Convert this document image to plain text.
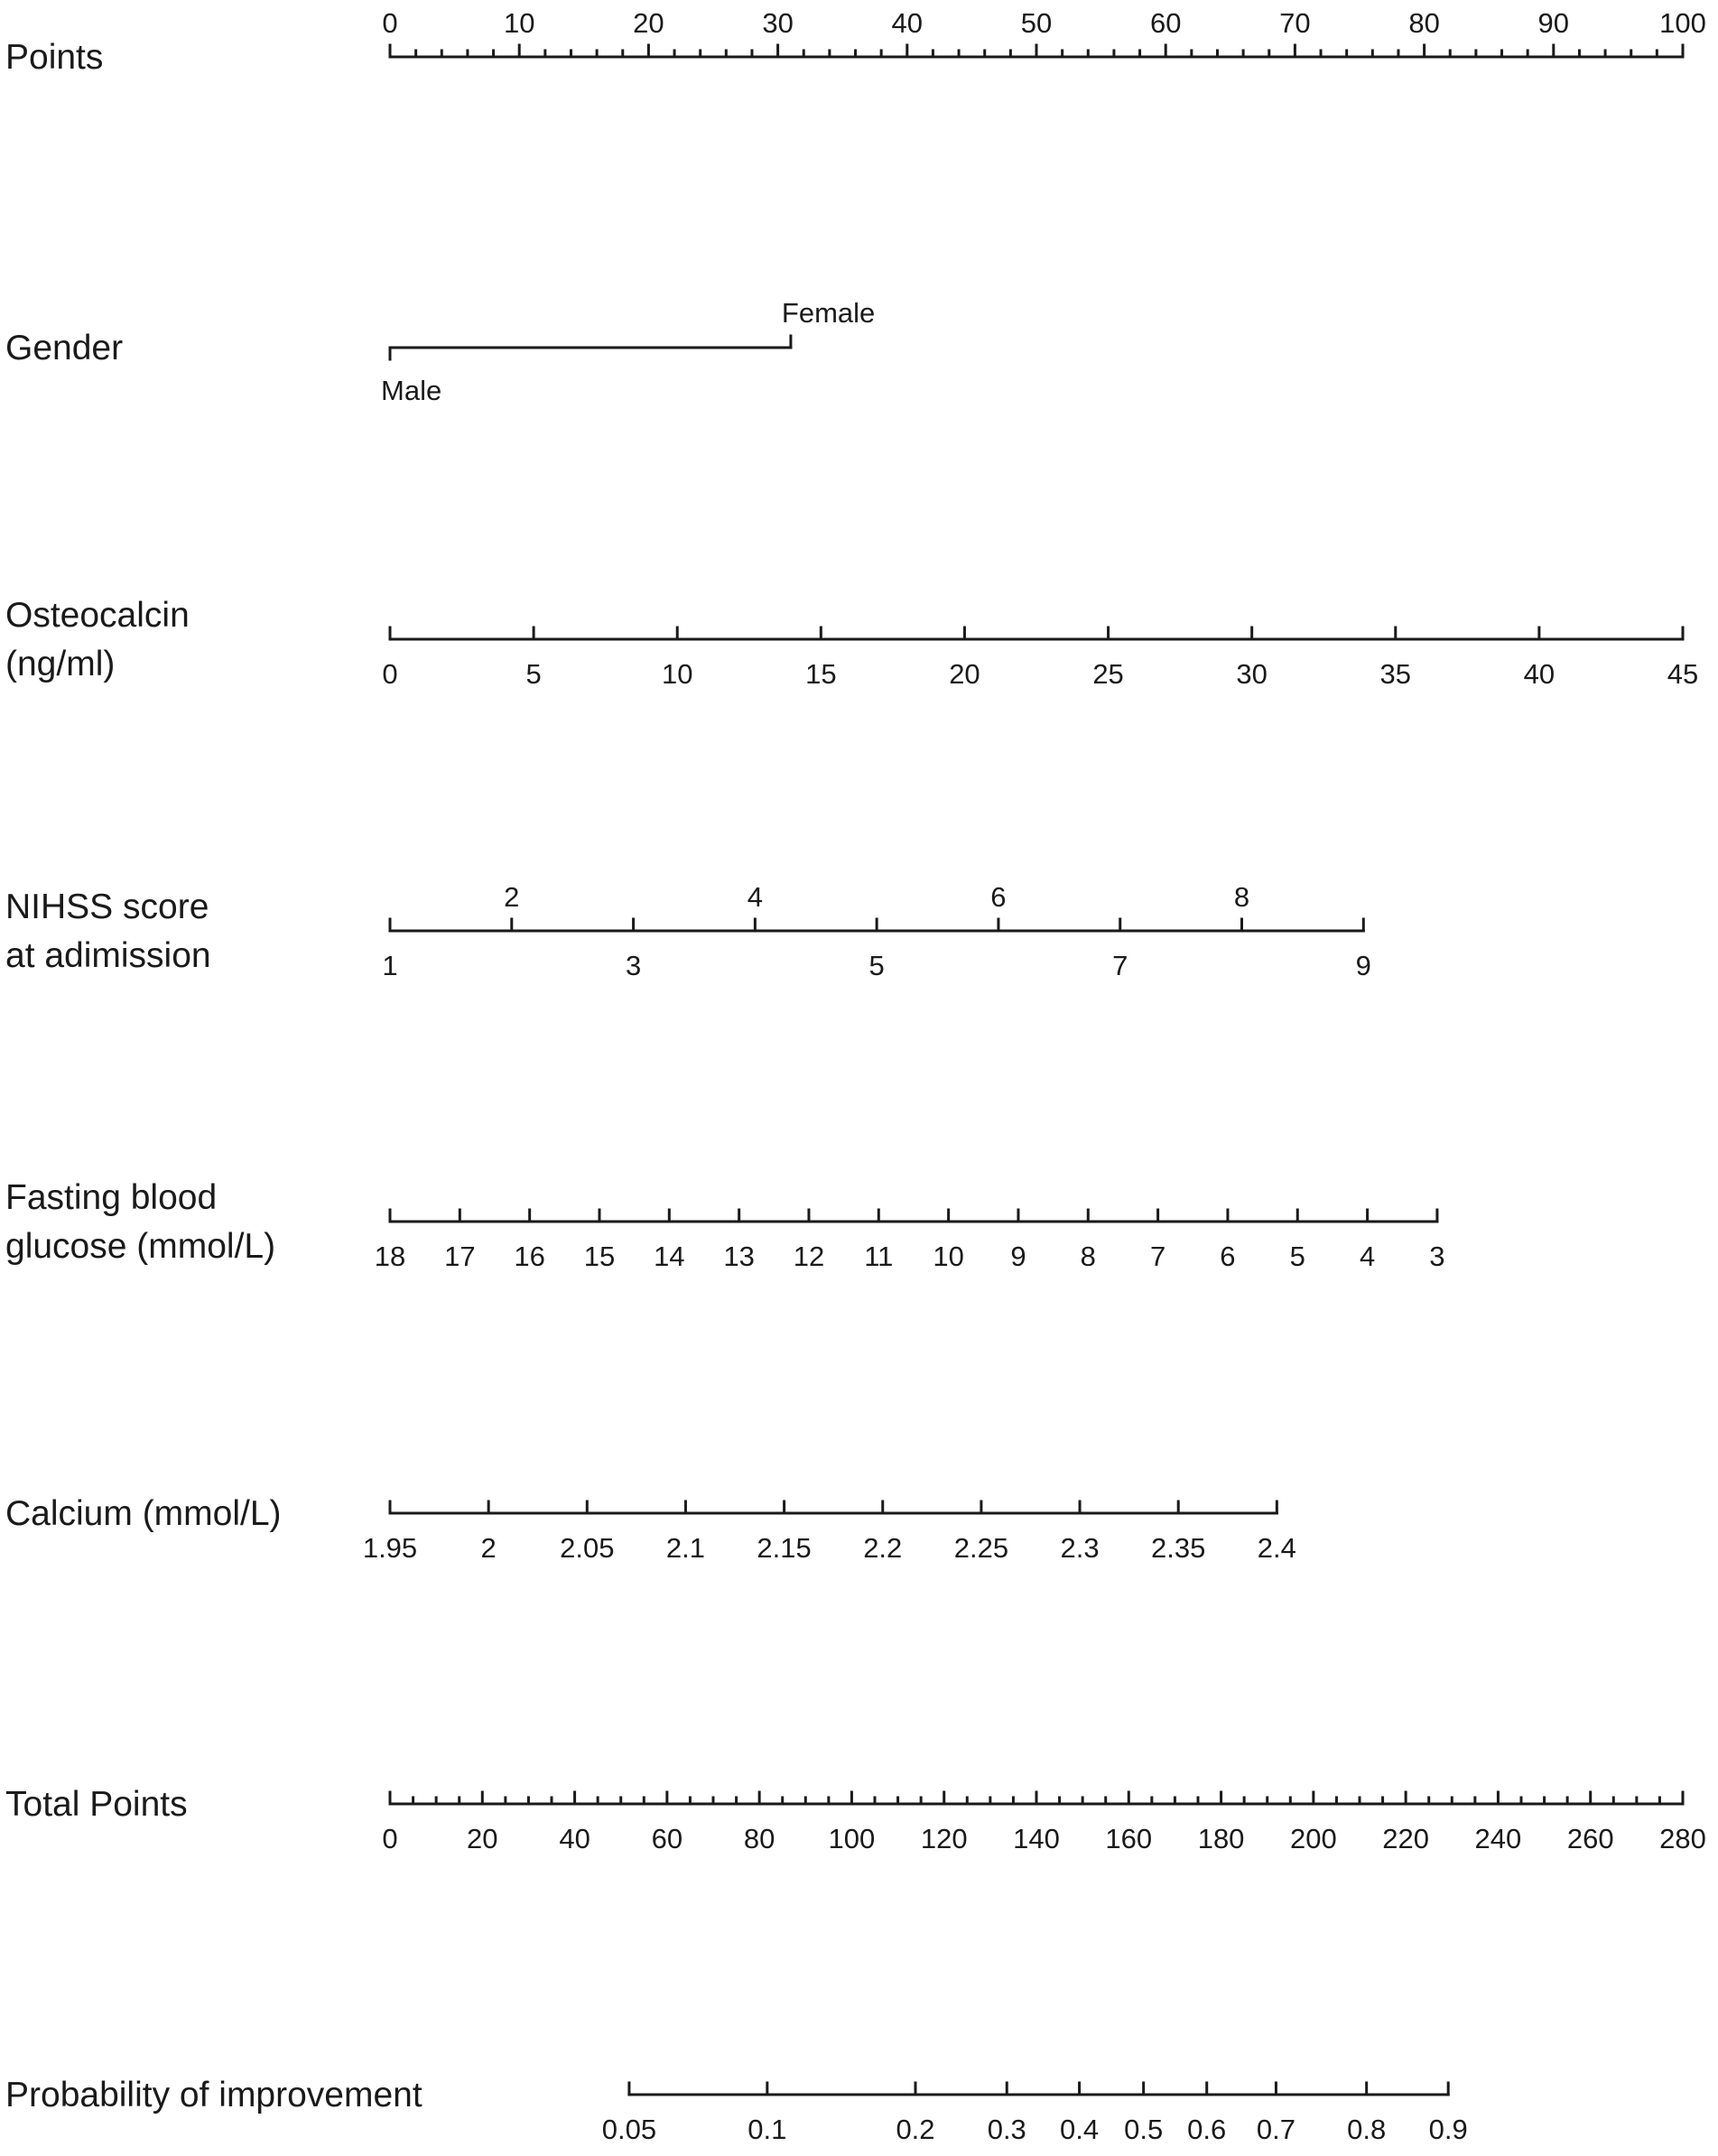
Points
0	10	20	30	40	50	60	70	80	90	100
Gender
Male
Female
Osteocalcin
(ng/ml)	0	5	10	15	20	25	30	35	40	45
NIHSS score
at adimission
2	4	6	8
1	3	5	7	9
Fasting blood
glucose (mmol/L)	18 17 16 15 14 13 12 11 10 9 8 7 6 5 4 3
Calcium (mmol/L)
1.95 2 2.05 2.1 2.15 2.2 2.25 2.3 2.35 2.4
Total Points
0 20 40 60 80 100 120 140 160 180 200 220 240 260 280
Probability of improvement
0.05	0.1	0.2 0.3 0.4 0.5 0.6 0.7 0.8 0.9
